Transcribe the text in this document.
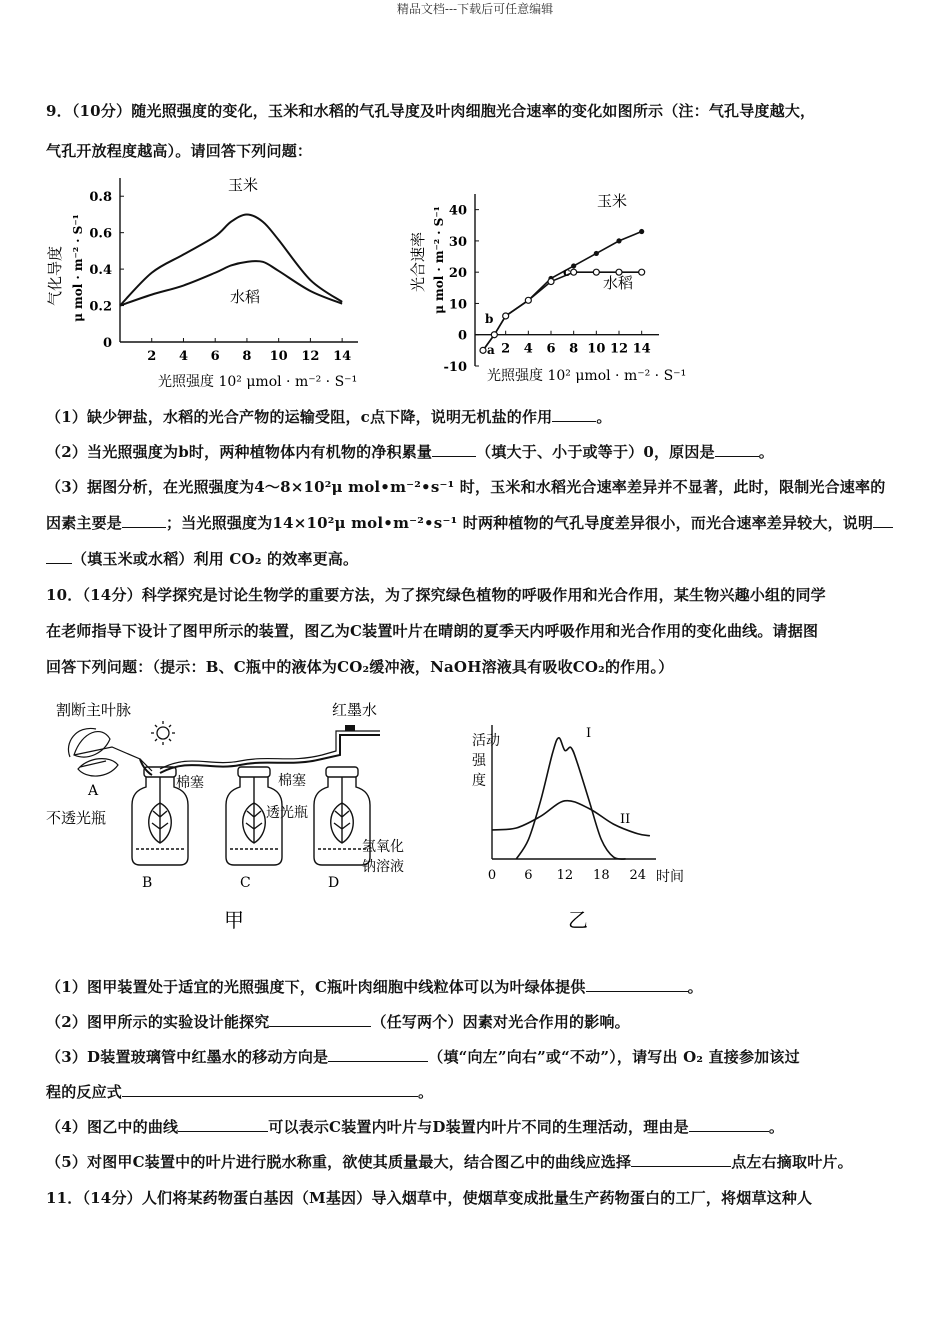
精品文档---下载后可任意编辑
9．（10分）随光照强度的变化，玉米和水稻的气孔导度及叶肉细胞光合速率的变化如图所示（注：气孔导度越大，
气孔开放程度越高）。请回答下列问题：
气化导度 μ mol · m⁻² · S⁻¹
0.8
0.6
0.4
0.2
0
2 4 6 8 10 12 14
玉米
水稻
光照强度 10² μmol · m⁻² · S⁻¹
光合速率 μ mol · m⁻² · S⁻¹ 40
30
20
10
0
-10
2 4 6 8 10 12 14
玉米
水稻
a
b
c
光照强度 10² μmol · m⁻² · S⁻¹
（1）缺少钾盐，水稻的光合产物的运输受阻，c点下降，说明无机盐的作用	。
（2）当光照强度为b时，两种植物体内有机物的净积累量	（填大于、小于或等于）0，原因是	。
（3）据图分析，在光照强度为4～8×10²μ mol•m⁻²•s⁻¹ 时，玉米和水稻光合速率差异并不显著，此时，限制光合速率的
因素主要是	；当光照强度为14×10²μ mol•m⁻²•s⁻¹ 时两种植物的气孔导度差异很小，而光合速率差异较大，说明
（填玉米或水稻）利用 CO₂ 的效率更高。
10．（14分）科学探究是讨论生物学的重要方法，为了探究绿色植物的呼吸作用和光合作用，某生物兴趣小组的同学
在老师指导下设计了图甲所示的装置，图乙为C装置叶片在晴朗的夏季天内呼吸作用和光合作用的变化曲线。请据图
回答下列问题：（提示：B、C瓶中的液体为CO₂缓冲液，NaOH溶液具有吸收CO₂的作用。）
割断主叶脉
A
不透光瓶
红墨水
棉塞	棉塞
透光瓶
氢氧化
钠溶液
B	C	D
甲
活 动
强
度
0 6 12 18 24
I
II
时间
乙
（1）图甲装置处于适宜的光照强度下，C瓶叶肉细胞中线粒体可以为叶绿体提供	。
（2）图甲所示的实验设计能探究	（任写两个）因素对光合作用的影响。
（3）D装置玻璃管中红墨水的移动方向是	（填“向左”向右”或“不动”），请写出 O₂ 直接参加该过
程的反应式	。
（4）图乙中的曲线	可以表示C装置内叶片与D装置内叶片不同的生理活动，理由是	。
（5）对图甲C装置中的叶片进行脱水称重，欲使其质量最大，结合图乙中的曲线应选择	点左右摘取叶片。
11．（14分）人们将某药物蛋白基因（M基因）导入烟草中，使烟草变成批量生产药物蛋白的工厂，将烟草这种人
